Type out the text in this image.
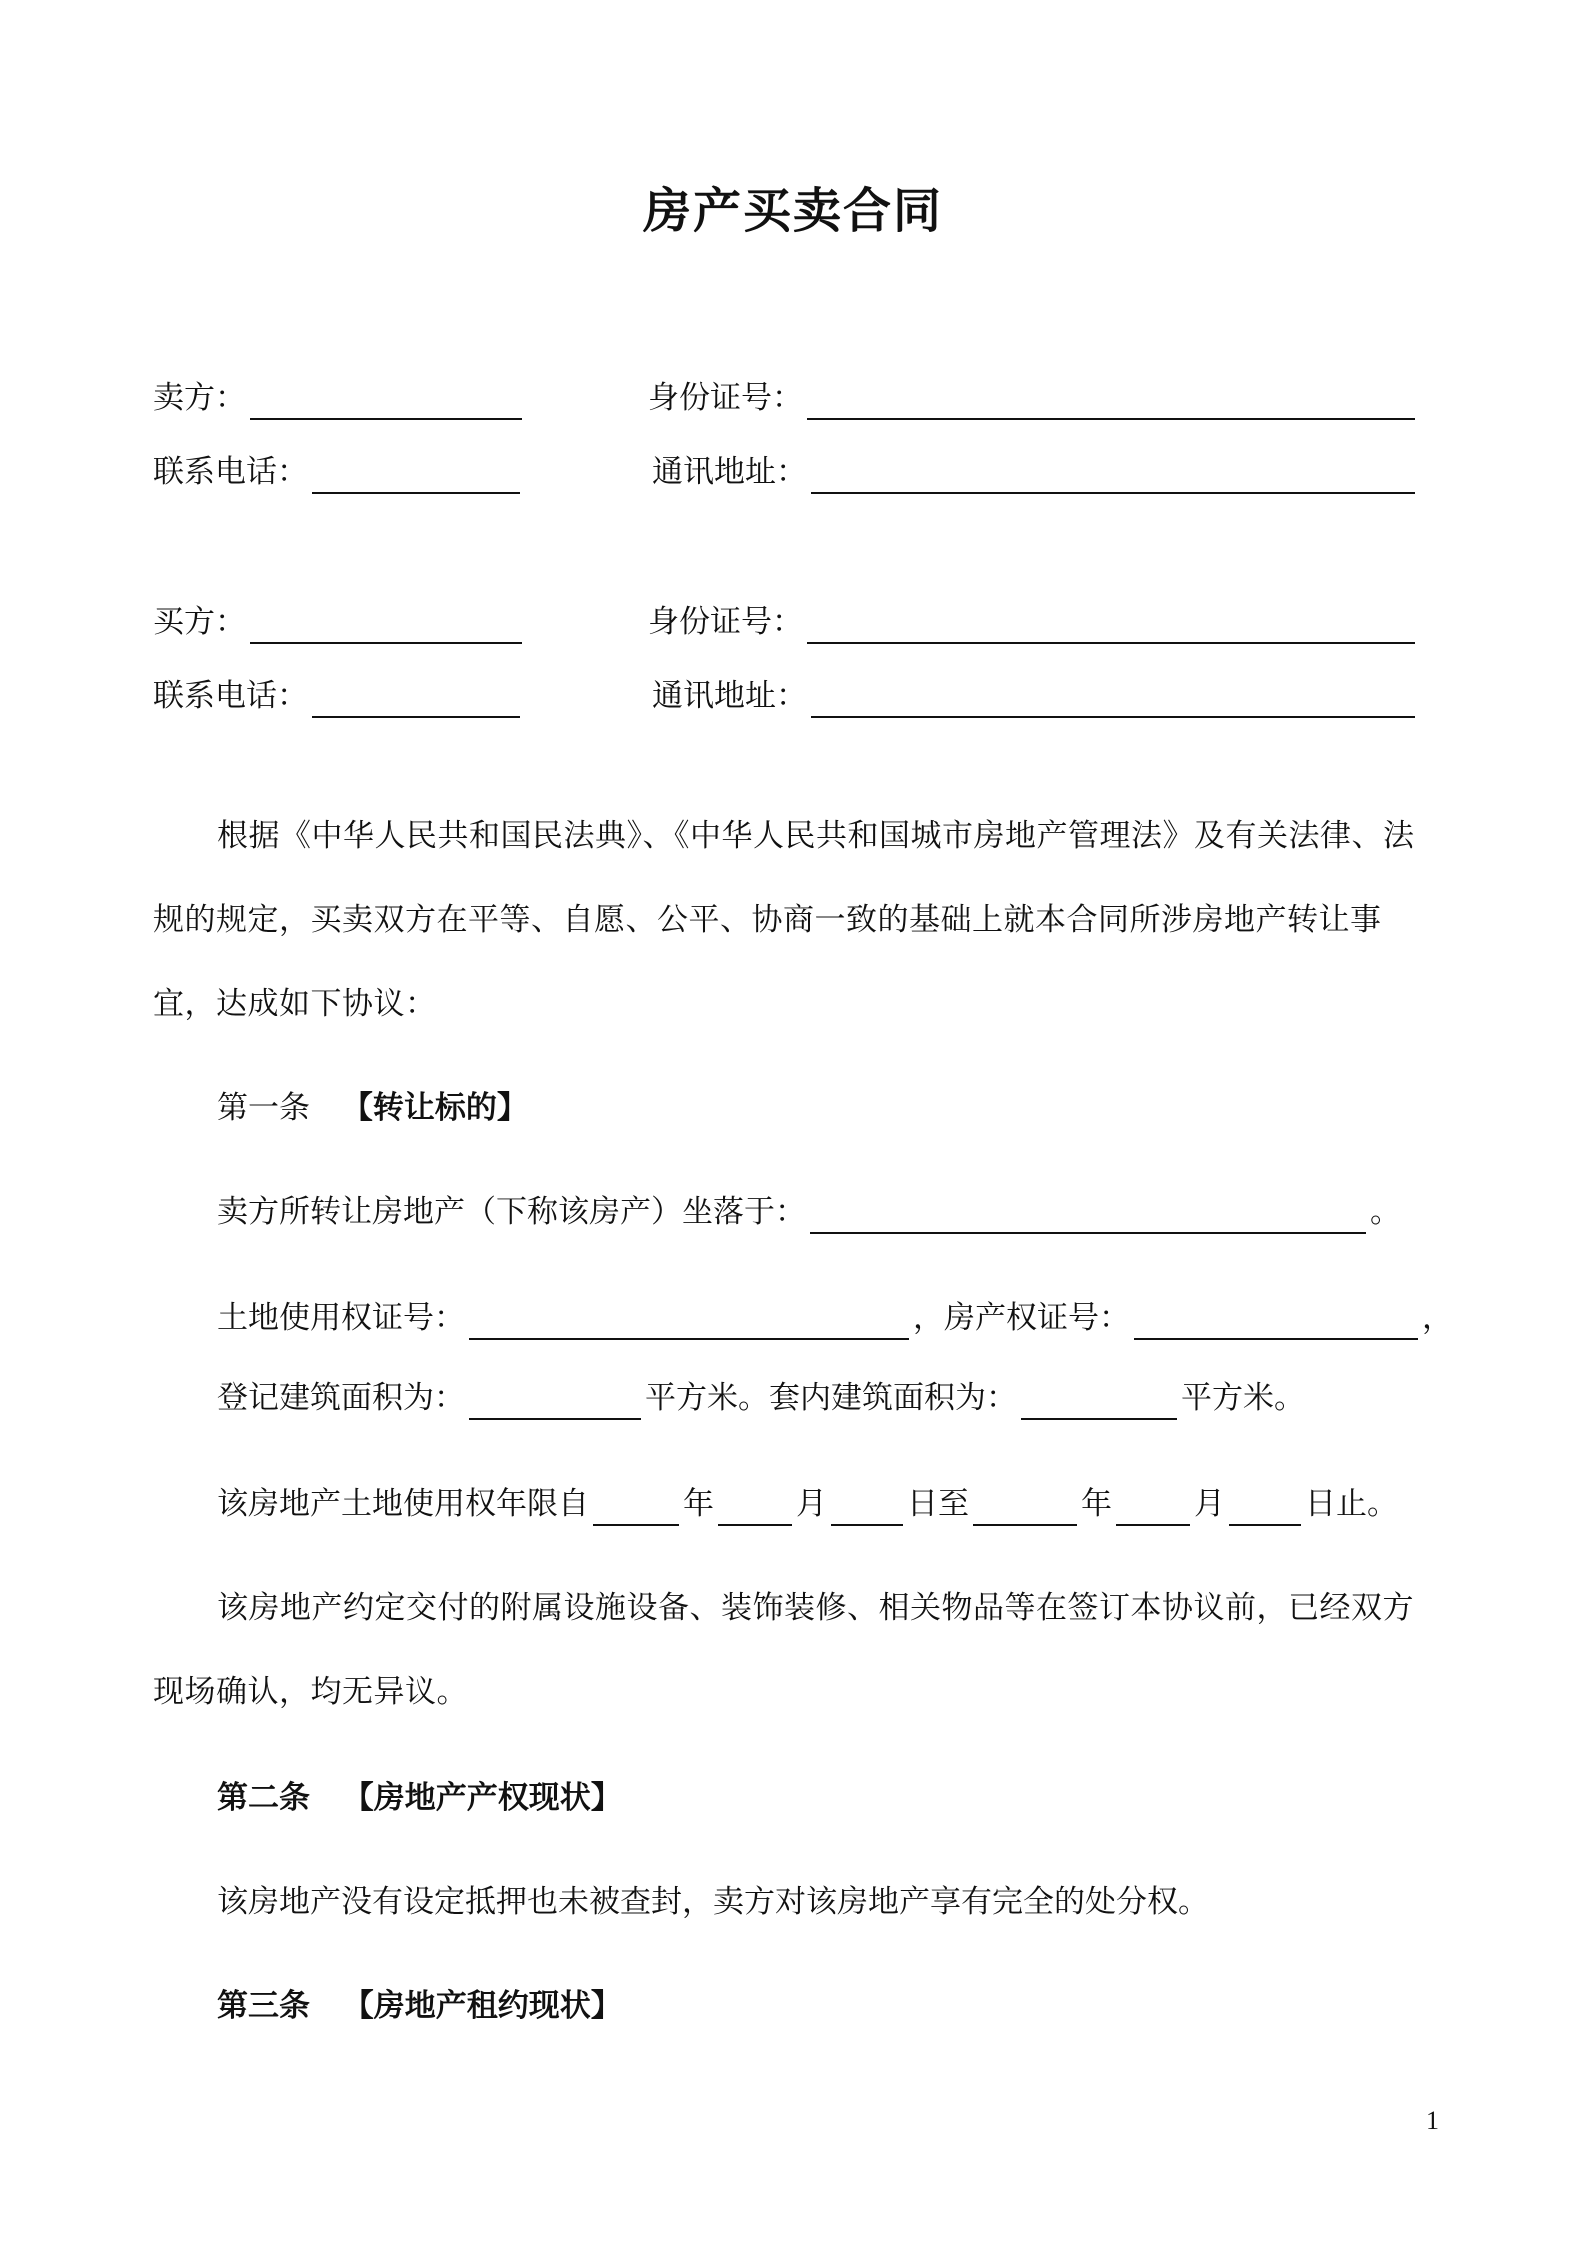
房产买卖合同
卖方：	身份证号：
联系电话：	通讯地址：
买方：	身份证号：
联系电话：	通讯地址：
根据《中华人民共和国民法典》、《中华人民共和国城市房地产管理法》及有关法律、法规的规定，买卖双方在平等、自愿、公平、协商一致的基础上就本合同所涉房地产转让事宜，达成如下协议：
第一条 【转让标的】
卖方所转让房地产（下称该房产）坐落于：	。
土地使用权证号：	，房产权证号：	，
登记建筑面积为：	平方米。套内建筑面积为：	平方米。
该房地产土地使用权年限自	年	月	日至	年	月	日止。
该房地产约定交付的附属设施设备、装饰装修、相关物品等在签订本协议前，已经双方现场确认，均无异议。
第二条 【房地产产权现状】
该房地产没有设定抵押也未被查封，卖方对该房地产享有完全的处分权。
第三条 【房地产租约现状】
1
